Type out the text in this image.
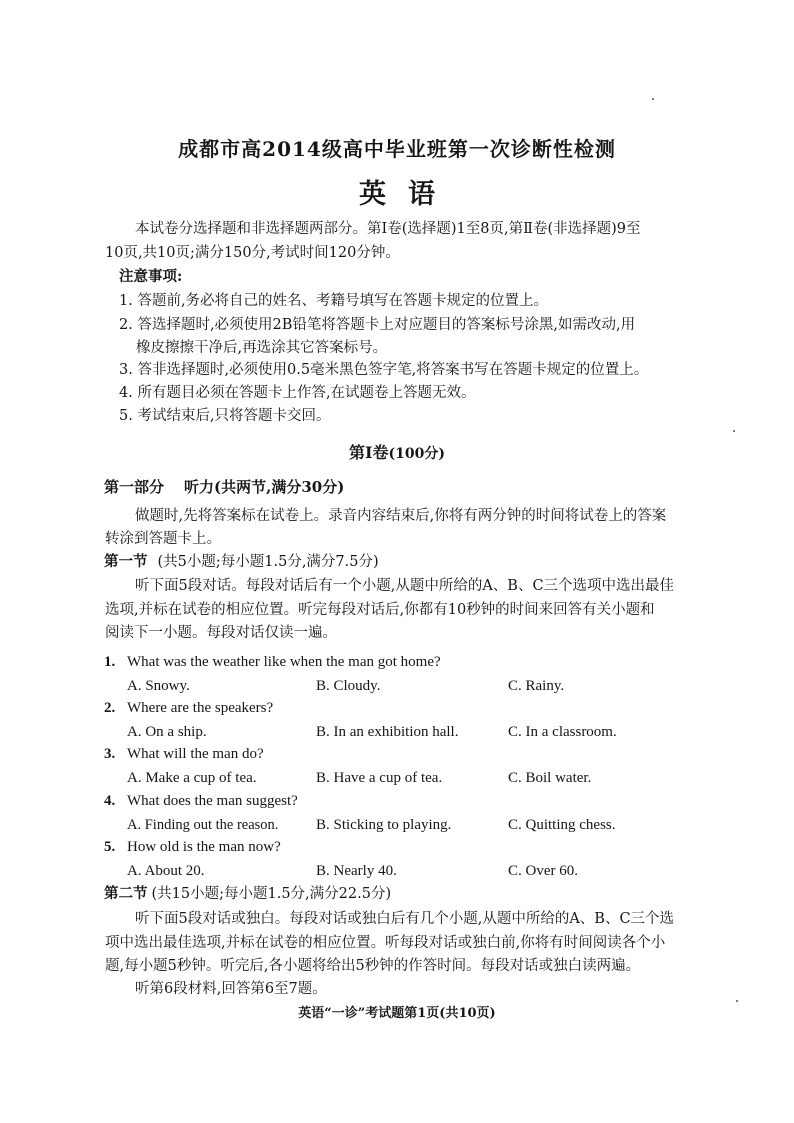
成都市高2014级高中毕业班第一次诊断性检测
英语
本试卷分选择题和非选择题两部分。第Ⅰ卷(选择题)1至8页,第Ⅱ卷(非选择题)9至
10页,共10页;满分150分,考试时间120分钟。
注意事项:
1. 答题前,务必将自己的姓名、考籍号填写在答题卡规定的位置上。
2. 答选择题时,必须使用2B铅笔将答题卡上对应题目的答案标号涂黑,如需改动,用
橡皮擦擦干净后,再选涂其它答案标号。
3. 答非选择题时,必须使用0.5毫米黑色签字笔,将答案书写在答题卡规定的位置上。
4. 所有题目必须在答题卡上作答,在试题卷上答题无效。
5. 考试结束后,只将答题卡交回。
第Ⅰ卷(100分)
第一部分 听力(共两节,满分30分)
做题时,先将答案标在试卷上。录音内容结束后,你将有两分钟的时间将试卷上的答案
转涂到答题卡上。
第一节 (共5小题;每小题1.5分,满分7.5分)
听下面5段对话。每段对话后有一个小题,从题中所给的A、B、C三个选项中选出最佳
选项,并标在试卷的相应位置。听完每段对话后,你都有10秒钟的时间来回答有关小题和
阅读下一小题。每段对话仅读一遍。
1. What was the weather like when the man got home?
A. Snowy.	B. Cloudy.	C. Rainy.
2. Where are the speakers?
A. On a ship.	B. In an exhibition hall.	C. In a classroom.
3. What will the man do?
A. Make a cup of tea.	B. Have a cup of tea.	C. Boil water.
4. What does the man suggest?
A. Finding out the reason.	B. Sticking to playing.	C. Quitting chess.
5. How old is the man now?
A. About 20.	B. Nearly 40.	C. Over 60.
第二节 (共15小题;每小题1.5分,满分22.5分)
听下面5段对话或独白。每段对话或独白后有几个小题,从题中所给的A、B、C三个选
项中选出最佳选项,并标在试卷的相应位置。听每段对话或独白前,你将有时间阅读各个小
题,每小题5秒钟。听完后,各小题将给出5秒钟的作答时间。每段对话或独白读两遍。
听第6段材料,回答第6至7题。
英语“一诊”考试题第1页(共10页)
